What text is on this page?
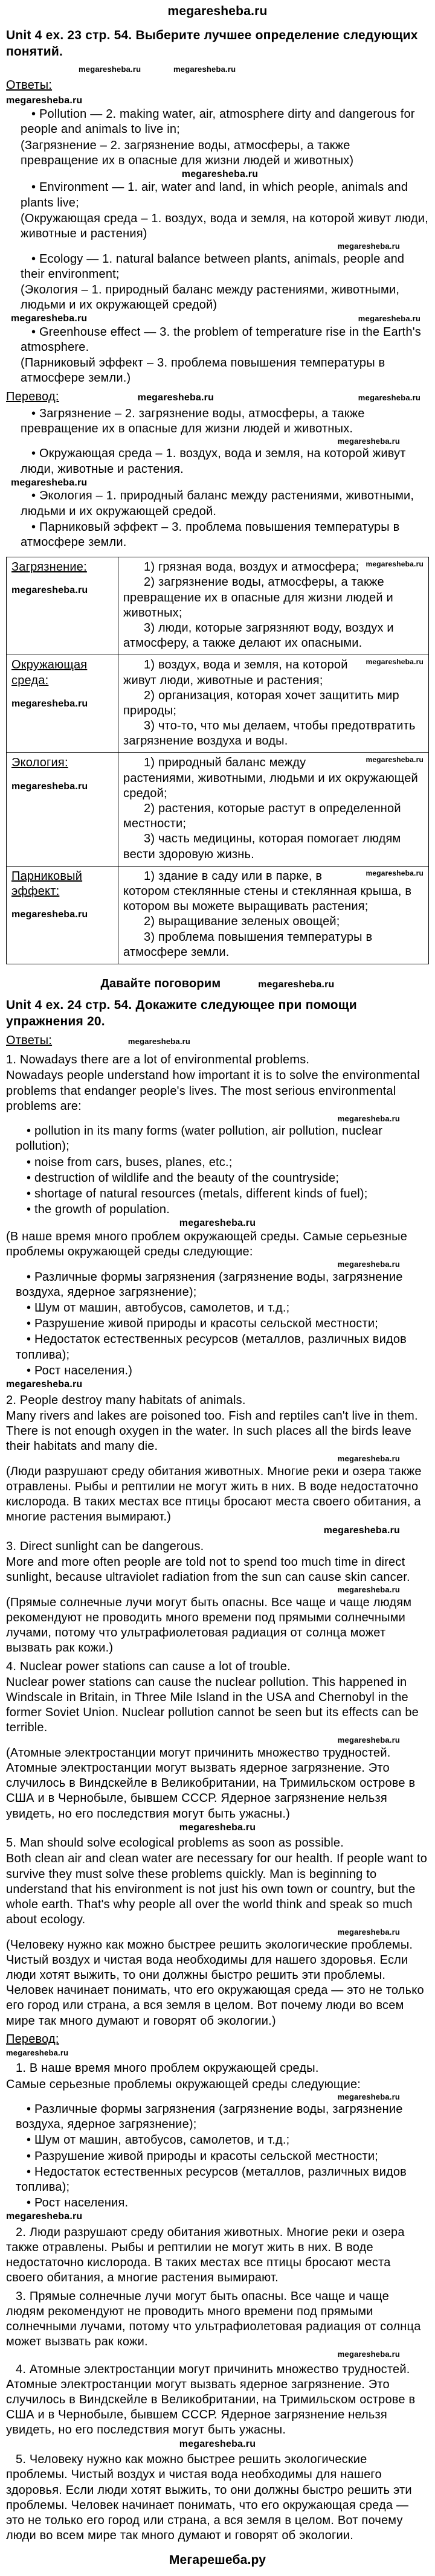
megaresheba.ru
Unit 4 ex. 23 стр. 54. Выберите лучшее определение следующих понятий.
megaresheba.ru	megaresheba.ru
Ответы:
megaresheba.ru

• Pollution — 2. making water, air, atmosphere dirty and dangerous for people and animals to live in;

(Загрязнение – 2. загрязнение воды, атмосферы, а также превращение их в опасные для жизни людей и животных)

megaresheba.ru

• Environment — 1. air, water and land, in which people, animals and plants live;

(Окружающая среда – 1. воздух, вода и земля, на которой живут люди, животные и растения)

megaresheba.ru

• Ecology — 1. natural balance between plants, animals, people and their environment;

(Экология – 1. природный баланс между растениями, животными, людьми и их окружающей средой)

megaresheba.ru	megaresheba.ru

• Greenhouse effect — 3. the problem of temperature rise in the Earth's atmosphere.

(Парниковый эффект – 3. проблема повышения температуры в атмосфере земли.)

Перевод:	megaresheba.ru	megaresheba.ru

• Загрязнение – 2. загрязнение воды, атмосферы, а также превращение их в опасные для жизни людей и животных.

megaresheba.ru

• Окружающая среда – 1. воздух, вода и земля, на которой живут люди, животные и растения.

megaresheba.ru

• Экология – 1. природный баланс между растениями, животными, людьми и их окружающей средой.

• Парниковый эффект – 3. проблема повышения температуры в атмосфере земли.

Загрязнение:
megaresheba.ru

megaresheba.ru

1) грязная вода, воздух и атмосфера;

2) загрязнение воды, атмосферы, а также превращение их в опасные для жизни людей и животных;

3) люди, которые загрязняют воду, воздух и атмосферу, а также делают их опасными.

Окружающая среда:
megaresheba.ru

megaresheba.ru

1) воздух, вода и земля, на которой живут люди, животные и растения;

2) организация, которая хочет защитить мир природы;

3) что-то, что мы делаем, чтобы предотвратить загрязнение воздуха и воды.

Экология:
megaresheba.ru

megaresheba.ru

1) природный баланс между растениями, животными, людьми и их окружающей средой;

2) растения, которые растут в определенной местности;

3) часть медицины, которая помогает людям вести здоровую жизнь.

Парниковый эффект:
megaresheba.ru

megaresheba.ru

1) здание в саду или в парке, в котором стеклянные стены и стеклянная крыша, в котором вы можете выращивать растения;

2) выращивание зеленых овощей;

3) проблема повышения температуры в атмосфере земли.

Давайте поговорим	megaresheba.ru
Unit 4 ex. 24 стр. 54. Докажите следующее при помощи упражнения 20.
Ответы:	megaresheba.ru

1. Nowadays there are a lot of environmental problems.

Nowadays people understand how important it is to solve the environmental problems that endanger people's lives. The most serious environmental problems are:

megaresheba.ru

• pollution in its many forms (water pollution, air pollution, nuclear pollution);

• noise from cars, buses, planes, etc.;

• destruction of wildlife and the beauty of the countryside;

• shortage of natural resources (metals, different kinds of fuel);

• the growth of population.

megaresheba.ru

(В наше время много проблем окружающей среды. Самые серьезные проблемы окружающей среды следующие:

megaresheba.ru

• Различные формы загрязнения (загрязнение воды, загрязнение воздуха, ядерное загрязнение);

• Шум от машин, автобусов, самолетов, и т.д.;

• Разрушение живой природы и красоты сельской местности;

• Недостаток естественных ресурсов (металлов, различных видов топлива);

• Рост населения.)

megaresheba.ru

2. People destroy many habitats of animals.

Many rivers and lakes are poisoned too. Fish and reptiles can't live in them. There is not enough oxygen in the water. In such places all the birds leave their habitats and many die.

megaresheba.ru

(Люди разрушают среду обитания животных. Многие реки и озера также отравлены. Рыбы и рептилии не могут жить в них. В воде недостаточно кислорода. В таких местах все птицы бросают места своего обитания, а многие растения вымирают.)

megaresheba.ru

3. Direct sunlight can be dangerous.

More and more often people are told not to spend too much time in direct sunlight, because ultraviolet radiation from the sun can cause skin cancer.

megaresheba.ru

(Прямые солнечные лучи могут быть опасны. Все чаще и чаще людям рекомендуют не проводить много времени под прямыми солнечными лучами, потому что ультрафиолетовая радиация от солнца может вызвать рак кожи.)

4. Nuclear power stations can cause a lot of trouble.

Nuclear power stations can cause the nuclear pollution. This happened in Windscale in Britain, in Three Mile Island in the USA and Chernobyl in the former Soviet Union. Nuclear pollution cannot be seen but its effects can be terrible.

megaresheba.ru

(Атомные электростанции могут причинить множество трудностей. Атомные электростанции могут вызвать ядерное загрязнение. Это случилось в Виндскейле в Великобритании, на Тримильском острове в США и в Чернобыле, бывшем СССР. Ядерное загрязнение нельзя увидеть, но его последствия могут быть ужасны.)

megaresheba.ru

5. Man should solve ecological problems as soon as possible.

Both clean air and clean water are necessary for our health. If people want to survive they must solve these problems quickly. Man is beginning to understand that his environment is not just his own town or country, but the whole earth. That's why people all over the world think and speak so much about ecology.

megaresheba.ru

(Человеку нужно как можно быстрее решить экологические проблемы. Чистый воздух и чистая вода необходимы для нашего здоровья. Если люди хотят выжить, то они должны быстро решить эти проблемы. Человек начинает понимать, что его окружающая среда — это не только его город или страна, а вся земля в целом. Вот почему люди во всем мире так много думают и говорят об экологии.)

Перевод:
megaresheba.ru

1. В наше время много проблем окружающей среды.

Самые серьезные проблемы окружающей среды следующие:

megaresheba.ru

• Различные формы загрязнения (загрязнение воды, загрязнение воздуха, ядерное загрязнение);

• Шум от машин, автобусов, самолетов, и т.д.;

• Разрушение живой природы и красоты сельской местности;

• Недостаток естественных ресурсов (металлов, различных видов топлива);

• Рост населения.

megaresheba.ru

2. Люди разрушают среду обитания животных. Многие реки и озера также отравлены. Рыбы и рептилии не могут жить в них. В воде недостаточно кислорода. В таких местах все птицы бросают места своего обитания, а многие растения вымирают.

3. Прямые солнечные лучи могут быть опасны. Все чаще и чаще людям рекомендуют не проводить много времени под прямыми солнечными лучами, потому что ультрафиолетовая радиация от солнца может вызвать рак кожи.

megaresheba.ru

4. Атомные электростанции могут причинить множество трудностей. Атомные электростанции могут вызвать ядерное загрязнение. Это случилось в Виндскейле в Великобритании, на Тримильском острове в США и в Чернобыле, бывшем СССР. Ядерное загрязнение нельзя увидеть, но его последствия могут быть ужасны.

megaresheba.ru

5. Человеку нужно как можно быстрее решить экологические проблемы. Чистый воздух и чистая вода необходимы для нашего здоровья. Если люди хотят выжить, то они должны быстро решить эти проблемы. Человек начинает понимать, что его окружающая среда — это не только его город или страна, а вся земля в целом. Вот почему люди во всем мире так много думают и говорят об экологии.

Мегарешеба.ру
